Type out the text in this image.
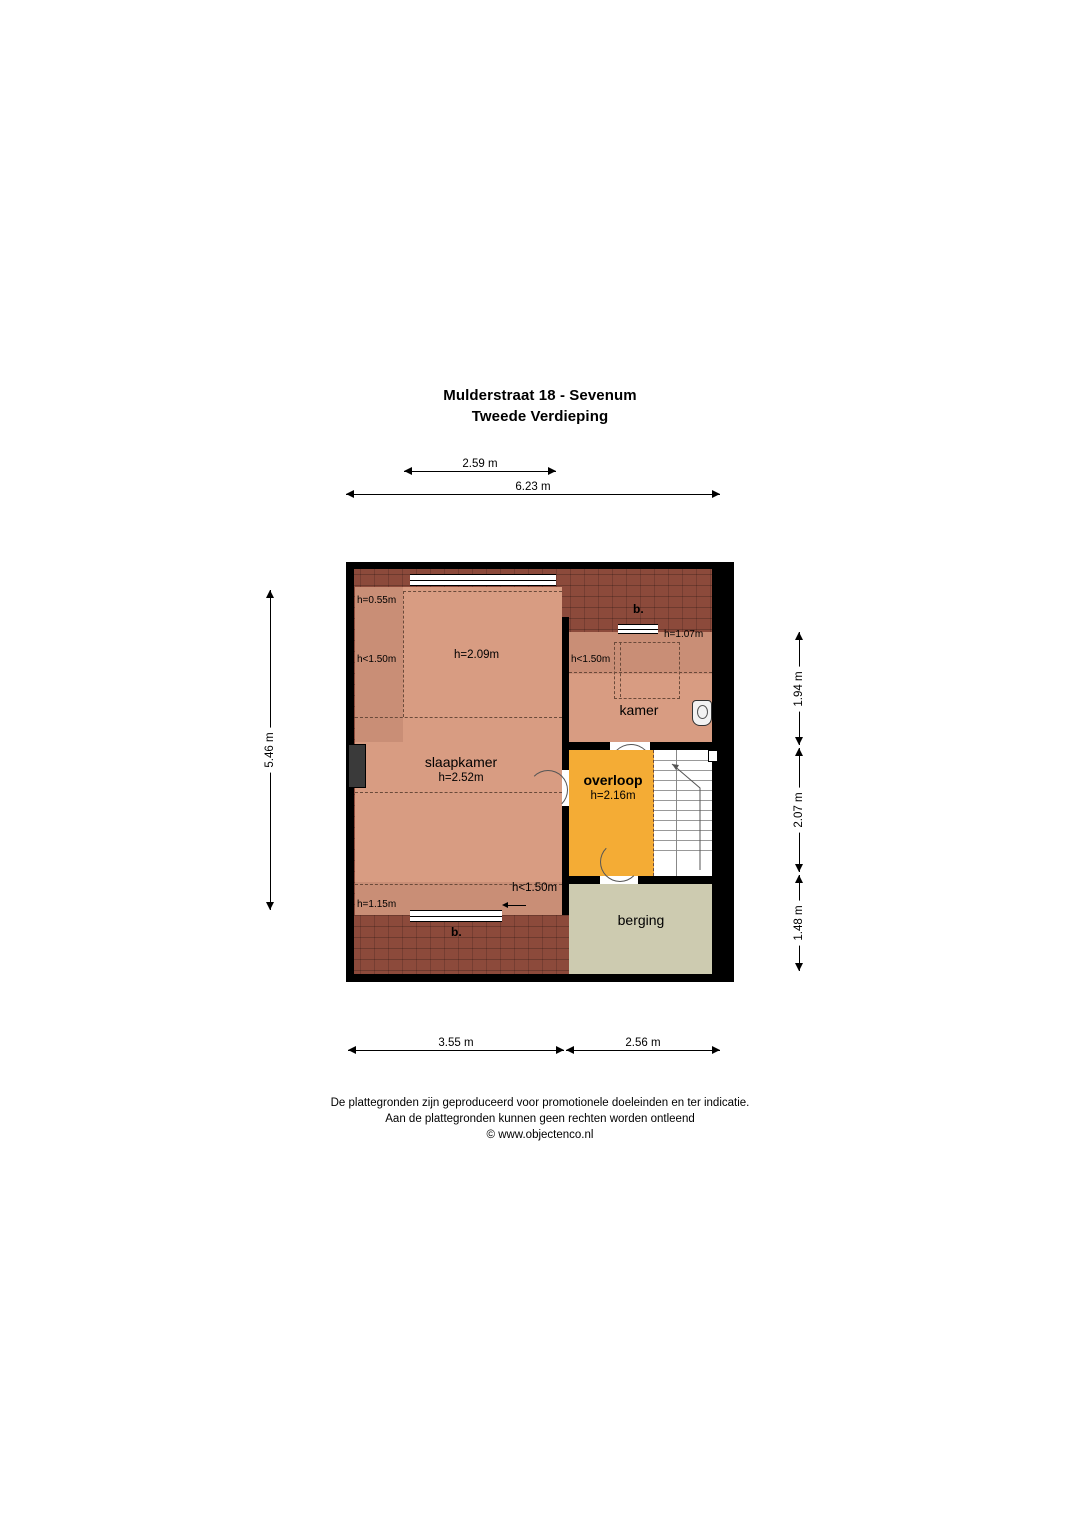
Mulderstraat 18 - Sevenum
Tweede Verdieping
2.59 m
6.23 m
5.46 m
1.94 m
2.07 m
1.48 m
3.55 m	2.56 m
slaapkamer
h=2.52m
h=0.55m
h<1.50m	h=2.09m
h<1.50m
h=1.15m
kamer
h<1.50m
h=1.07m
overloop
h=2.16m
berging
b.
b.
De plattegronden zijn geproduceerd voor promotionele doeleinden en ter indicatie.
Aan de plattegronden kunnen geen rechten worden ontleend
© www.objectenco.nl
